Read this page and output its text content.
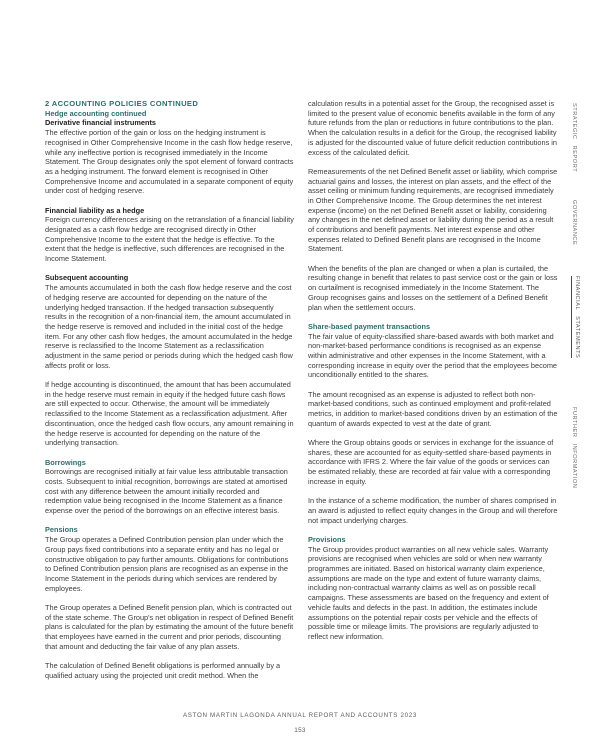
2 ACCOUNTING POLICIES CONTINUED
Hedge accounting continued
Derivative financial instruments

The effective portion of the gain or loss on the hedging instrument is recognised in Other Comprehensive Income in the cash flow hedge reserve, while any ineffective portion is recognised immediately in the Income Statement. The Group designates only the spot element of forward contracts as a hedging instrument. The forward element is recognised in Other Comprehensive Income and accumulated in a separate component of equity under cost of hedging reserve.

Financial liability as a hedge

Foreign currency differences arising on the retranslation of a financial liability designated as a cash flow hedge are recognised directly in Other Comprehensive Income to the extent that the hedge is effective. To the extent that the hedge is ineffective, such differences are recognised in the Income Statement.

Subsequent accounting

The amounts accumulated in both the cash flow hedge reserve and the cost of hedging reserve are accounted for depending on the nature of the underlying hedged transaction. If the hedged transaction subsequently results in the recognition of a non-financial item, the amount accumulated in the hedge reserve is removed and included in the initial cost of the hedge item. For any other cash flow hedges, the amount accumulated in the hedge reserve is reclassified to the Income Statement as a reclassification adjustment in the same period or periods during which the hedged cash flow affects profit or loss.

If hedge accounting is discontinued, the amount that has been accumulated in the hedge reserve must remain in equity if the hedged future cash flows are still expected to occur. Otherwise, the amount will be immediately reclassified to the Income Statement as a reclassification adjustment. After discontinuation, once the hedged cash flow occurs, any amount remaining in the hedge reserve is accounted for depending on the nature of the underlying transaction.

Borrowings

Borrowings are recognised initially at fair value less attributable transaction costs. Subsequent to initial recognition, borrowings are stated at amortised cost with any difference between the amount initially recorded and redemption value being recognised in the Income Statement as a finance expense over the period of the borrowings on an effective interest basis.

Pensions

The Group operates a Defined Contribution pension plan under which the Group pays fixed contributions into a separate entity and has no legal or constructive obligation to pay further amounts. Obligations for contributions to Defined Contribution pension plans are recognised as an expense in the Income Statement in the periods during which services are rendered by employees.

The Group operates a Defined Benefit pension plan, which is contracted out of the state scheme. The Group's net obligation in respect of Defined Benefit plans is calculated for the plan by estimating the amount of the future benefit that employees have earned in the current and prior periods, discounting that amount and deducting the fair value of any plan assets.

The calculation of Defined Benefit obligations is performed annually by a qualified actuary using the projected unit credit method. When the

calculation results in a potential asset for the Group, the recognised asset is limited to the present value of economic benefits available in the form of any future refunds from the plan or reductions in future contributions to the plan. When the calculation results in a deficit for the Group, the recognised liability is adjusted for the discounted value of future deficit reduction contributions in excess of the calculated deficit.

Remeasurements of the net Defined Benefit asset or liability, which comprise actuarial gains and losses, the interest on plan assets, and the effect of the asset ceiling or minimum funding requirements, are recognised immediately in Other Comprehensive Income. The Group determines the net interest expense (income) on the net Defined Benefit asset or liability, considering any changes in the net defined asset or liability during the period as a result of contributions and benefit payments. Net interest expense and other expenses related to Defined Benefit plans are recognised in the Income Statement.

When the benefits of the plan are changed or when a plan is curtailed, the resulting change in benefit that relates to past service cost or the gain or loss on curtailment is recognised immediately in the Income Statement. The Group recognises gains and losses on the settlement of a Defined Benefit plan when the settlement occurs.

Share-based payment transactions

The fair value of equity-classified share-based awards with both market and non-market-based performance conditions is recognised as an expense within administrative and other expenses in the Income Statement, with a corresponding increase in equity over the period that the employees become unconditionally entitled to the shares.

The amount recognised as an expense is adjusted to reflect both non-market-based conditions, such as continued employment and profit-related metrics, in addition to market-based conditions driven by an estimation of the quantum of awards expected to vest at the date of grant.

Where the Group obtains goods or services in exchange for the issuance of shares, these are accounted for as equity-settled share-based payments in accordance with IFRS 2. Where the fair value of the goods or services can be estimated reliably, these are recorded at fair value with a corresponding increase in equity.

In the instance of a scheme modification, the number of shares comprised in an award is adjusted to reflect equity changes in the Group and will therefore not impact underlying charges.

Provisions

The Group provides product warranties on all new vehicle sales. Warranty provisions are recognised when vehicles are sold or when new warranty programmes are initiated. Based on historical warranty claim experience, assumptions are made on the type and extent of future warranty claims, including non-contractual warranty claims as well as on possible recall campaigns. These assessments are based on the frequency and extent of vehicle faults and defects in the past. In addition, the estimates include assumptions on the potential repair costs per vehicle and the effects of possible time or mileage limits. The provisions are regularly adjusted to reflect new information.

STRATEGIC REPORT
GOVERNANCE
FINANCIAL STATEMENTS
FURTHER INFORMATION
ASTON MARTIN LAGONDA ANNUAL REPORT AND ACCOUNTS 2023
153
